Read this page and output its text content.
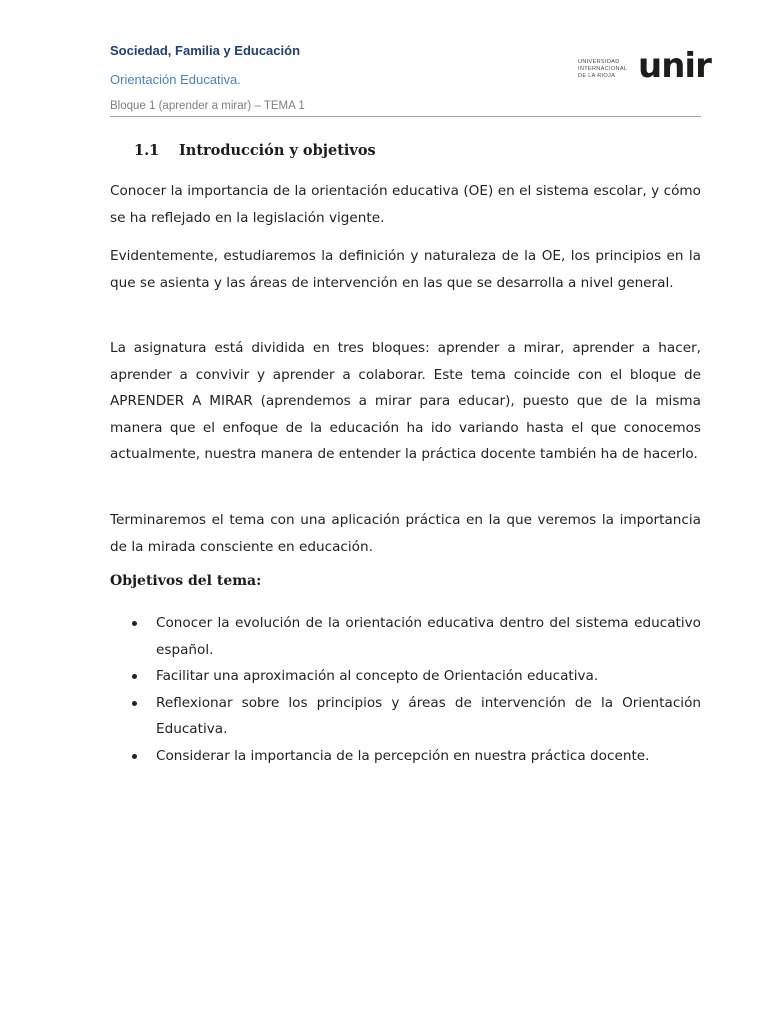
Sociedad, Familia y Educación
Orientación Educativa.
Bloque 1 (aprender a mirar) – TEMA 1
UNIVERSIDAD
INTERNACIONAL
DE LA RIOJA unir
1.1 Introducción y objetivos
Conocer la importancia de la orientación educativa (OE) en el sistema escolar, y cómo se ha reflejado en la legislación vigente.
Evidentemente, estudiaremos la definición y naturaleza de la OE, los principios en la que se asienta y las áreas de intervención en las que se desarrolla a nivel general.
La asignatura está dividida en tres bloques: aprender a mirar, aprender a hacer, aprender a convivir y aprender a colaborar. Este tema coincide con el bloque de APRENDER A MIRAR (aprendemos a mirar para educar), puesto que de la misma manera que el enfoque de la educación ha ido variando hasta el que conocemos actualmente, nuestra manera de entender la práctica docente también ha de hacerlo.
Terminaremos el tema con una aplicación práctica en la que veremos la importancia de la mirada consciente en educación.
Objetivos del tema:
Conocer la evolución de la orientación educativa dentro del sistema educativo español.
Facilitar una aproximación al concepto de Orientación educativa.
Reflexionar sobre los principios y áreas de intervención de la Orientación Educativa.
Considerar la importancia de la percepción en nuestra práctica docente.
